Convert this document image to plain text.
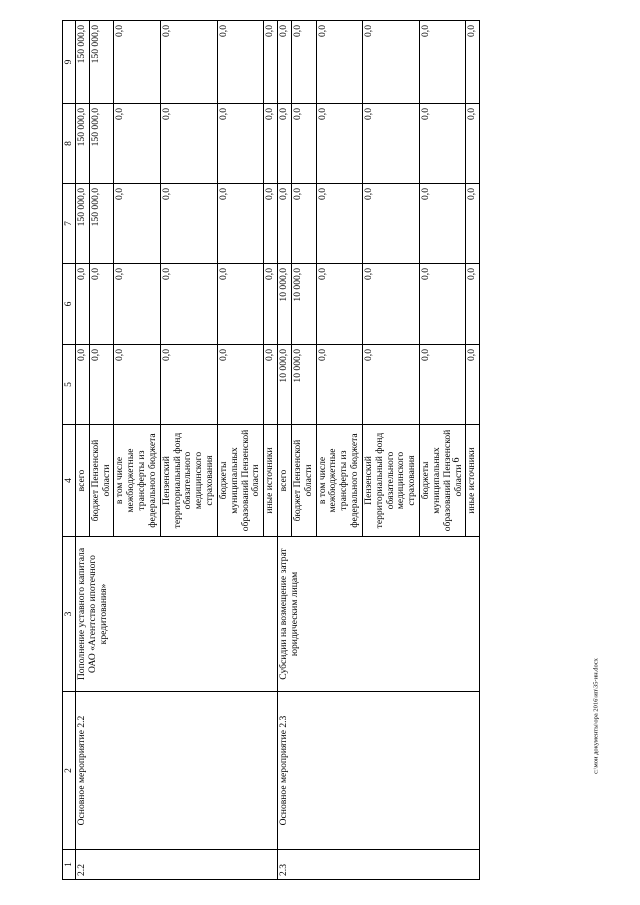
6
c:\мои документы\ора 2016\ип\35-ин.docx
1	2	3	4	5	6	7	8	9
2.2	Основное мероприятие 2.2	Пополнение уставного капитала ОАО «Агентство ипотечного кредитования»	всего	0,0	0,0	150 000,0	150 000,0	150 000,0
			бюджет Пензенской области	0,0	0,0	150 000,0	150 000,0	150 000,0
			в том числе межбюджетные трансферты из федерального бюджета	0,0	0,0	0,0	0,0	0,0
			Пензенский территориальный фонд обязательного медицинского страхования	0,0	0,0	0,0	0,0	0,0
			бюджеты муниципальных образований Пензенской области	0,0	0,0	0,0	0,0	0,0
			иные источники	0,0	0,0	0,0	0,0	0,0
2.3	Основное мероприятие 2.3	Субсидии на возмещение затрат юридическим лицам	всего	10 000,0	10 000,0	0,0	0,0	0,0
			бюджет Пензенской области	10 000,0	10 000,0	0,0	0,0	0,0
			в том числе межбюджетные трансферты из федерального бюджета	0,0	0,0	0,0	0,0	0,0
			Пензенский территориальный фонд обязательного медицинского страхования	0,0	0,0	0,0	0,0	0,0
			бюджеты муниципальных образований Пензенской области	0,0	0,0	0,0	0,0	0,0
			иные источники	0,0	0,0	0,0	0,0	0,0
